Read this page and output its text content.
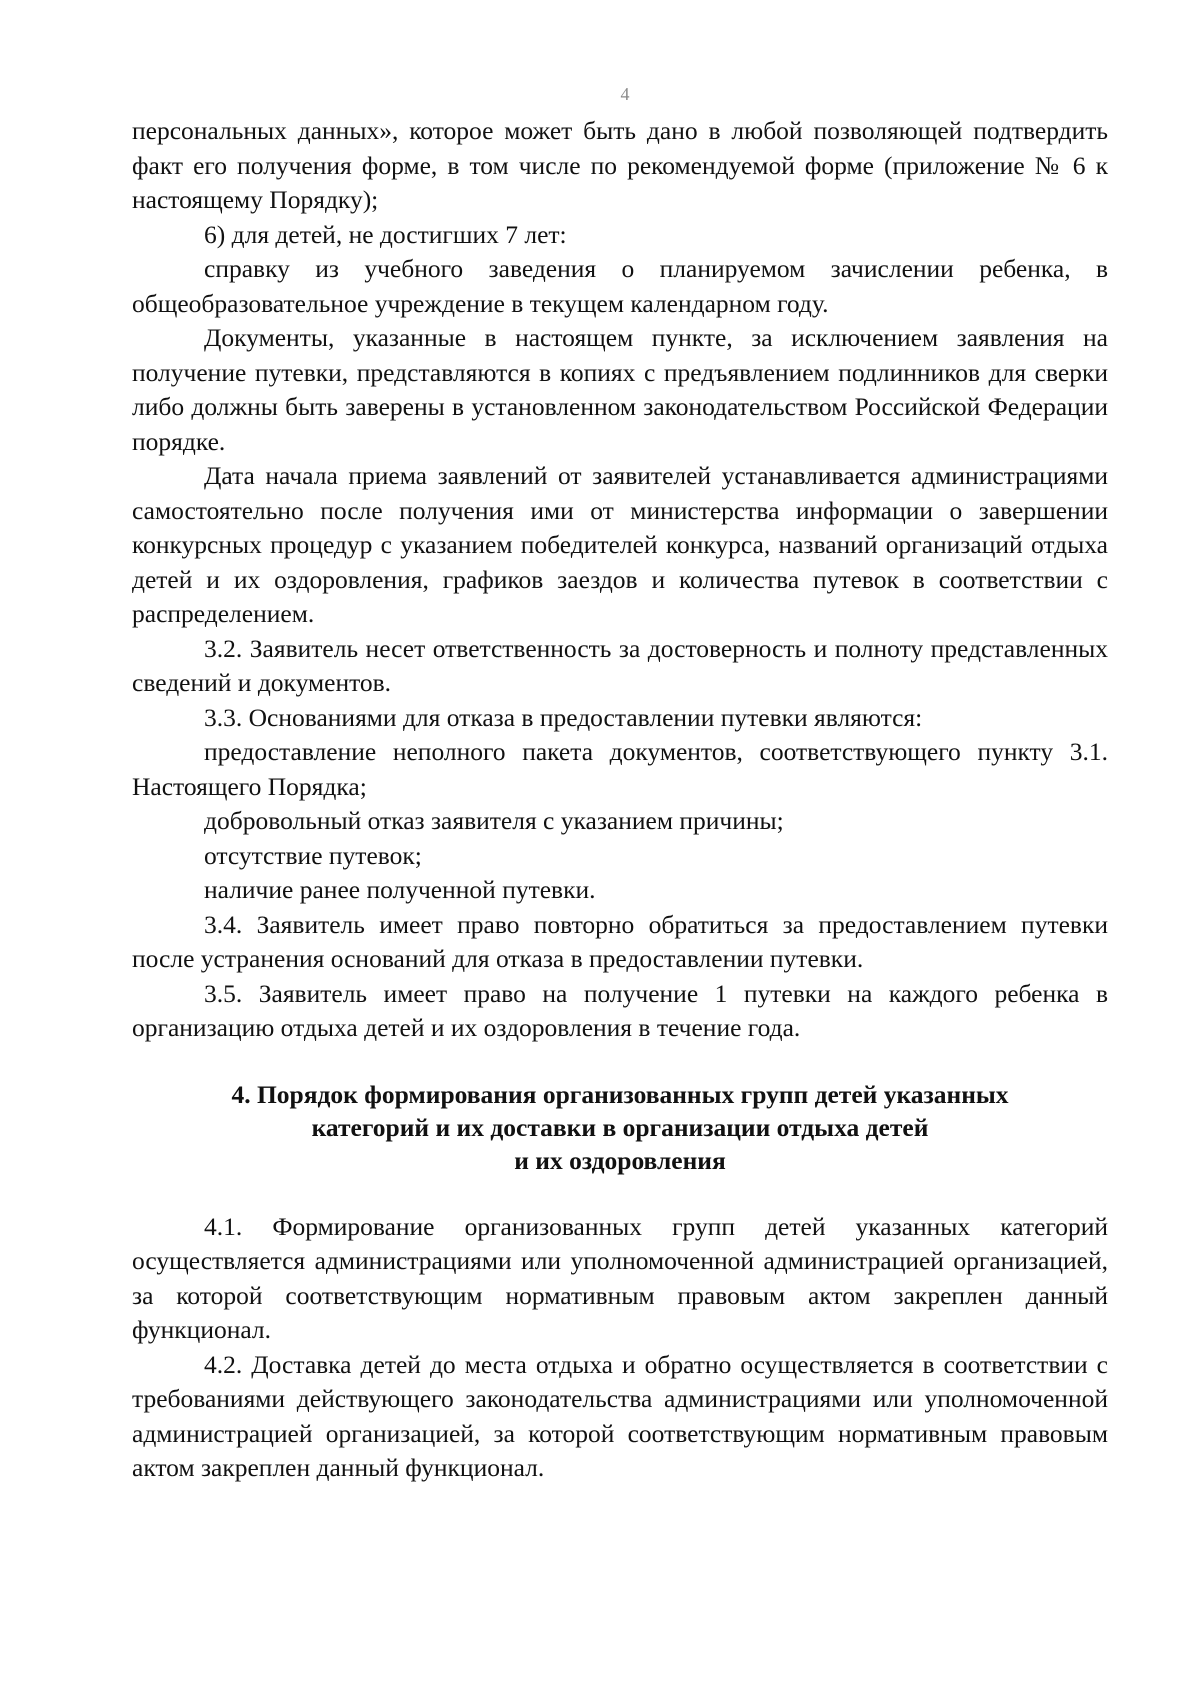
4

персональных данных», которое может быть дано в любой позволяющей подтвердить факт его получения форме, в том числе по рекомендуемой форме (приложение № 6 к настоящему Порядку);

6) для детей, не достигших 7 лет:

справку из учебного заведения о планируемом зачислении ребенка, в общеобразовательное учреждение в текущем календарном году.

Документы, указанные в настоящем пункте, за исключением заявления на получение путевки, представляются в копиях с предъявлением подлинников для сверки либо должны быть заверены в установленном законодательством Российской Федерации порядке.

Дата начала приема заявлений от заявителей устанавливается администрациями самостоятельно после получения ими от министерства информации о завершении конкурсных процедур с указанием победителей конкурса, названий организаций отдыха детей и их оздоровления, графиков заездов и количества путевок в соответствии с распределением.

3.2. Заявитель несет ответственность за достоверность и полноту представленных сведений и документов.

3.3. Основаниями для отказа в предоставлении путевки являются:

предоставление неполного пакета документов, соответствующего пункту 3.1. Настоящего Порядка;

добровольный отказ заявителя с указанием причины;

отсутствие путевок;

наличие ранее полученной путевки.

3.4. Заявитель имеет право повторно обратиться за предоставлением путевки после устранения оснований для отказа в предоставлении путевки.

3.5. Заявитель имеет право на получение 1 путевки на каждого ребенка в организацию отдыха детей и их оздоровления в течение года.

4. Порядок формирования организованных групп детей указанных
категорий и их доставки в организации отдыха детей
и их оздоровления

4.1. Формирование организованных групп детей указанных категорий осуществляется администрациями или уполномоченной администрацией организацией, за которой соответствующим нормативным правовым актом закреплен данный функционал.

4.2. Доставка детей до места отдыха и обратно осуществляется в соответствии с требованиями действующего законодательства администрациями или уполномоченной администрацией организацией, за которой соответствующим нормативным правовым актом закреплен данный функционал.
